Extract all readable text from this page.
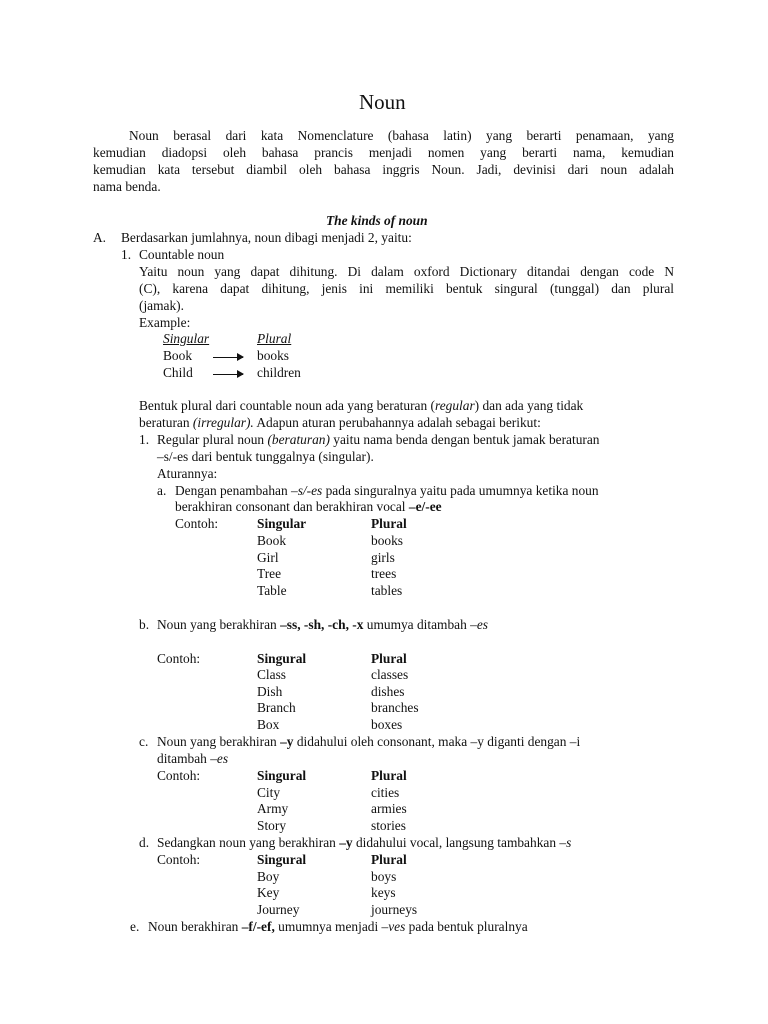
Noun
Noun berasal dari kata Nomenclature (bahasa latin) yang berarti penamaan, yang
kemudian diadopsi oleh bahasa prancis menjadi nomen yang berarti nama, kemudian
kemudian kata tersebut diambil oleh bahasa inggris Noun. Jadi, devinisi dari noun adalah
nama benda.
The kinds of noun
A. Berdasarkan jumlahnya, noun dibagi menjadi 2, yaitu:
1. Countable noun
Yaitu noun yang dapat dihitung. Di dalam oxford Dictionary ditandai dengan code N
(C), karena dapat dihitung, jenis ini memiliki bentuk singural (tunggal) dan plural
(jamak).
Example:
Singular	Plural
Book	books
Child	children
Bentuk plural dari countable noun ada yang beraturan (regular) dan ada yang tidak
beraturan (irregular). Adapun aturan perubahannya adalah sebagai berikut:
1. Regular plural noun (beraturan) yaitu nama benda dengan bentuk jamak beraturan
–s/-es dari bentuk tunggalnya (singular).
Aturannya:
a. Dengan penambahan –s/-es pada singuralnya yaitu pada umumnya ketika noun
berakhiran consonant dan berakhiran vocal –e/-ee
Contoh:	Singular	Plural
Book	books
Girl	girls
Tree	trees
Table	tables
b. Noun yang berakhiran –ss, -sh, -ch, -x umumya ditambah –es
Contoh:	Singural	Plural
Class	classes
Dish	dishes
Branch	branches
Box	boxes
c. Noun yang berakhiran –y didahului oleh consonant, maka –y diganti dengan –i
ditambah –es
Contoh:	Singural	Plural
City	cities
Army	armies
Story	stories
d. Sedangkan noun yang berakhiran –y didahului vocal, langsung tambahkan –s
Contoh:	Singural	Plural
Boy	boys
Key	keys
Journey	journeys
e. Noun berakhiran –f/-ef, umumnya menjadi –ves pada bentuk pluralnya
